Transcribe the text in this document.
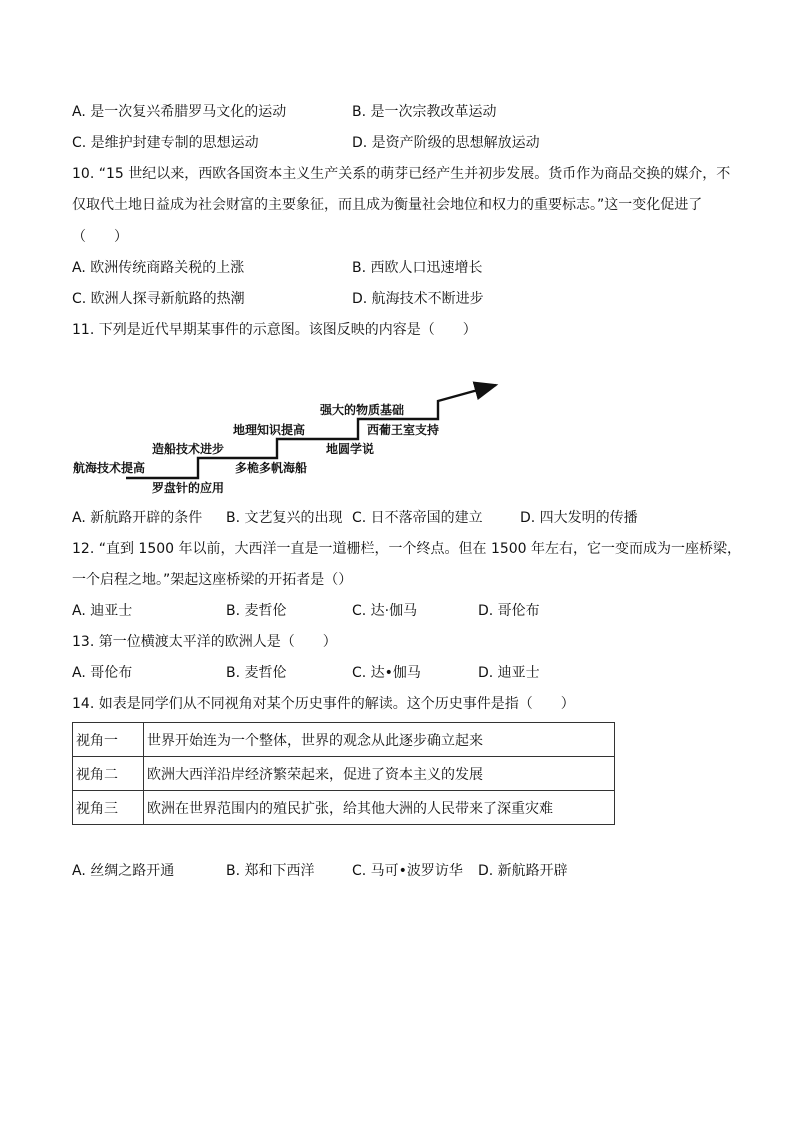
A. 是一次复兴希腊罗马文化的运动	B. 是一次宗教改革运动
C. 是维护封建专制的思想运动	D. 是资产阶级的思想解放运动
10. “15 世纪以来，西欧各国资本主义生产关系的萌芽已经产生并初步发展。货币作为商品交换的媒介，不
仅取代土地日益成为社会财富的主要象征，而且成为衡量社会地位和权力的重要标志。”这一变化促进了
（　　）
A. 欧洲传统商路关税的上涨	B. 西欧人口迅速增长
C. 欧洲人探寻新航路的热潮	D. 航海技术不断进步
11. 下列是近代早期某事件的示意图。该图反映的内容是（　　）
航海技术提高
罗盘针的应用
造船技术进步
多桅多帆海船
地理知识提高
地圆学说
强大的物质基础
西葡王室支持
A. 新航路开辟的条件 B. 文艺复兴的出现 C. 日不落帝国的建立	D. 四大发明的传播
12. “直到 1500 年以前，大西洋一直是一道栅栏，一个终点。但在 1500 年左右，它一变而成为一座桥梁，
一个启程之地。”架起这座桥梁的开拓者是（）
A. 迪亚士	B. 麦哲伦	C. 达·伽马	D. 哥伦布
13. 第一位横渡太平洋的欧洲人是（　　）
A. 哥伦布	B. 麦哲伦	C. 达•伽马	D. 迪亚士
14. 如表是同学们从不同视角对某个历史事件的解读。这个历史事件是指（　　）
视角一	世界开始连为一个整体，世界的观念从此逐步确立起来
视角二	欧洲大西洋沿岸经济繁荣起来，促进了资本主义的发展
视角三	欧洲在世界范围内的殖民扩张，给其他大洲的人民带来了深重灾难
A. 丝绸之路开通	B. 郑和下西洋	C. 马可•波罗访华 D. 新航路开辟
